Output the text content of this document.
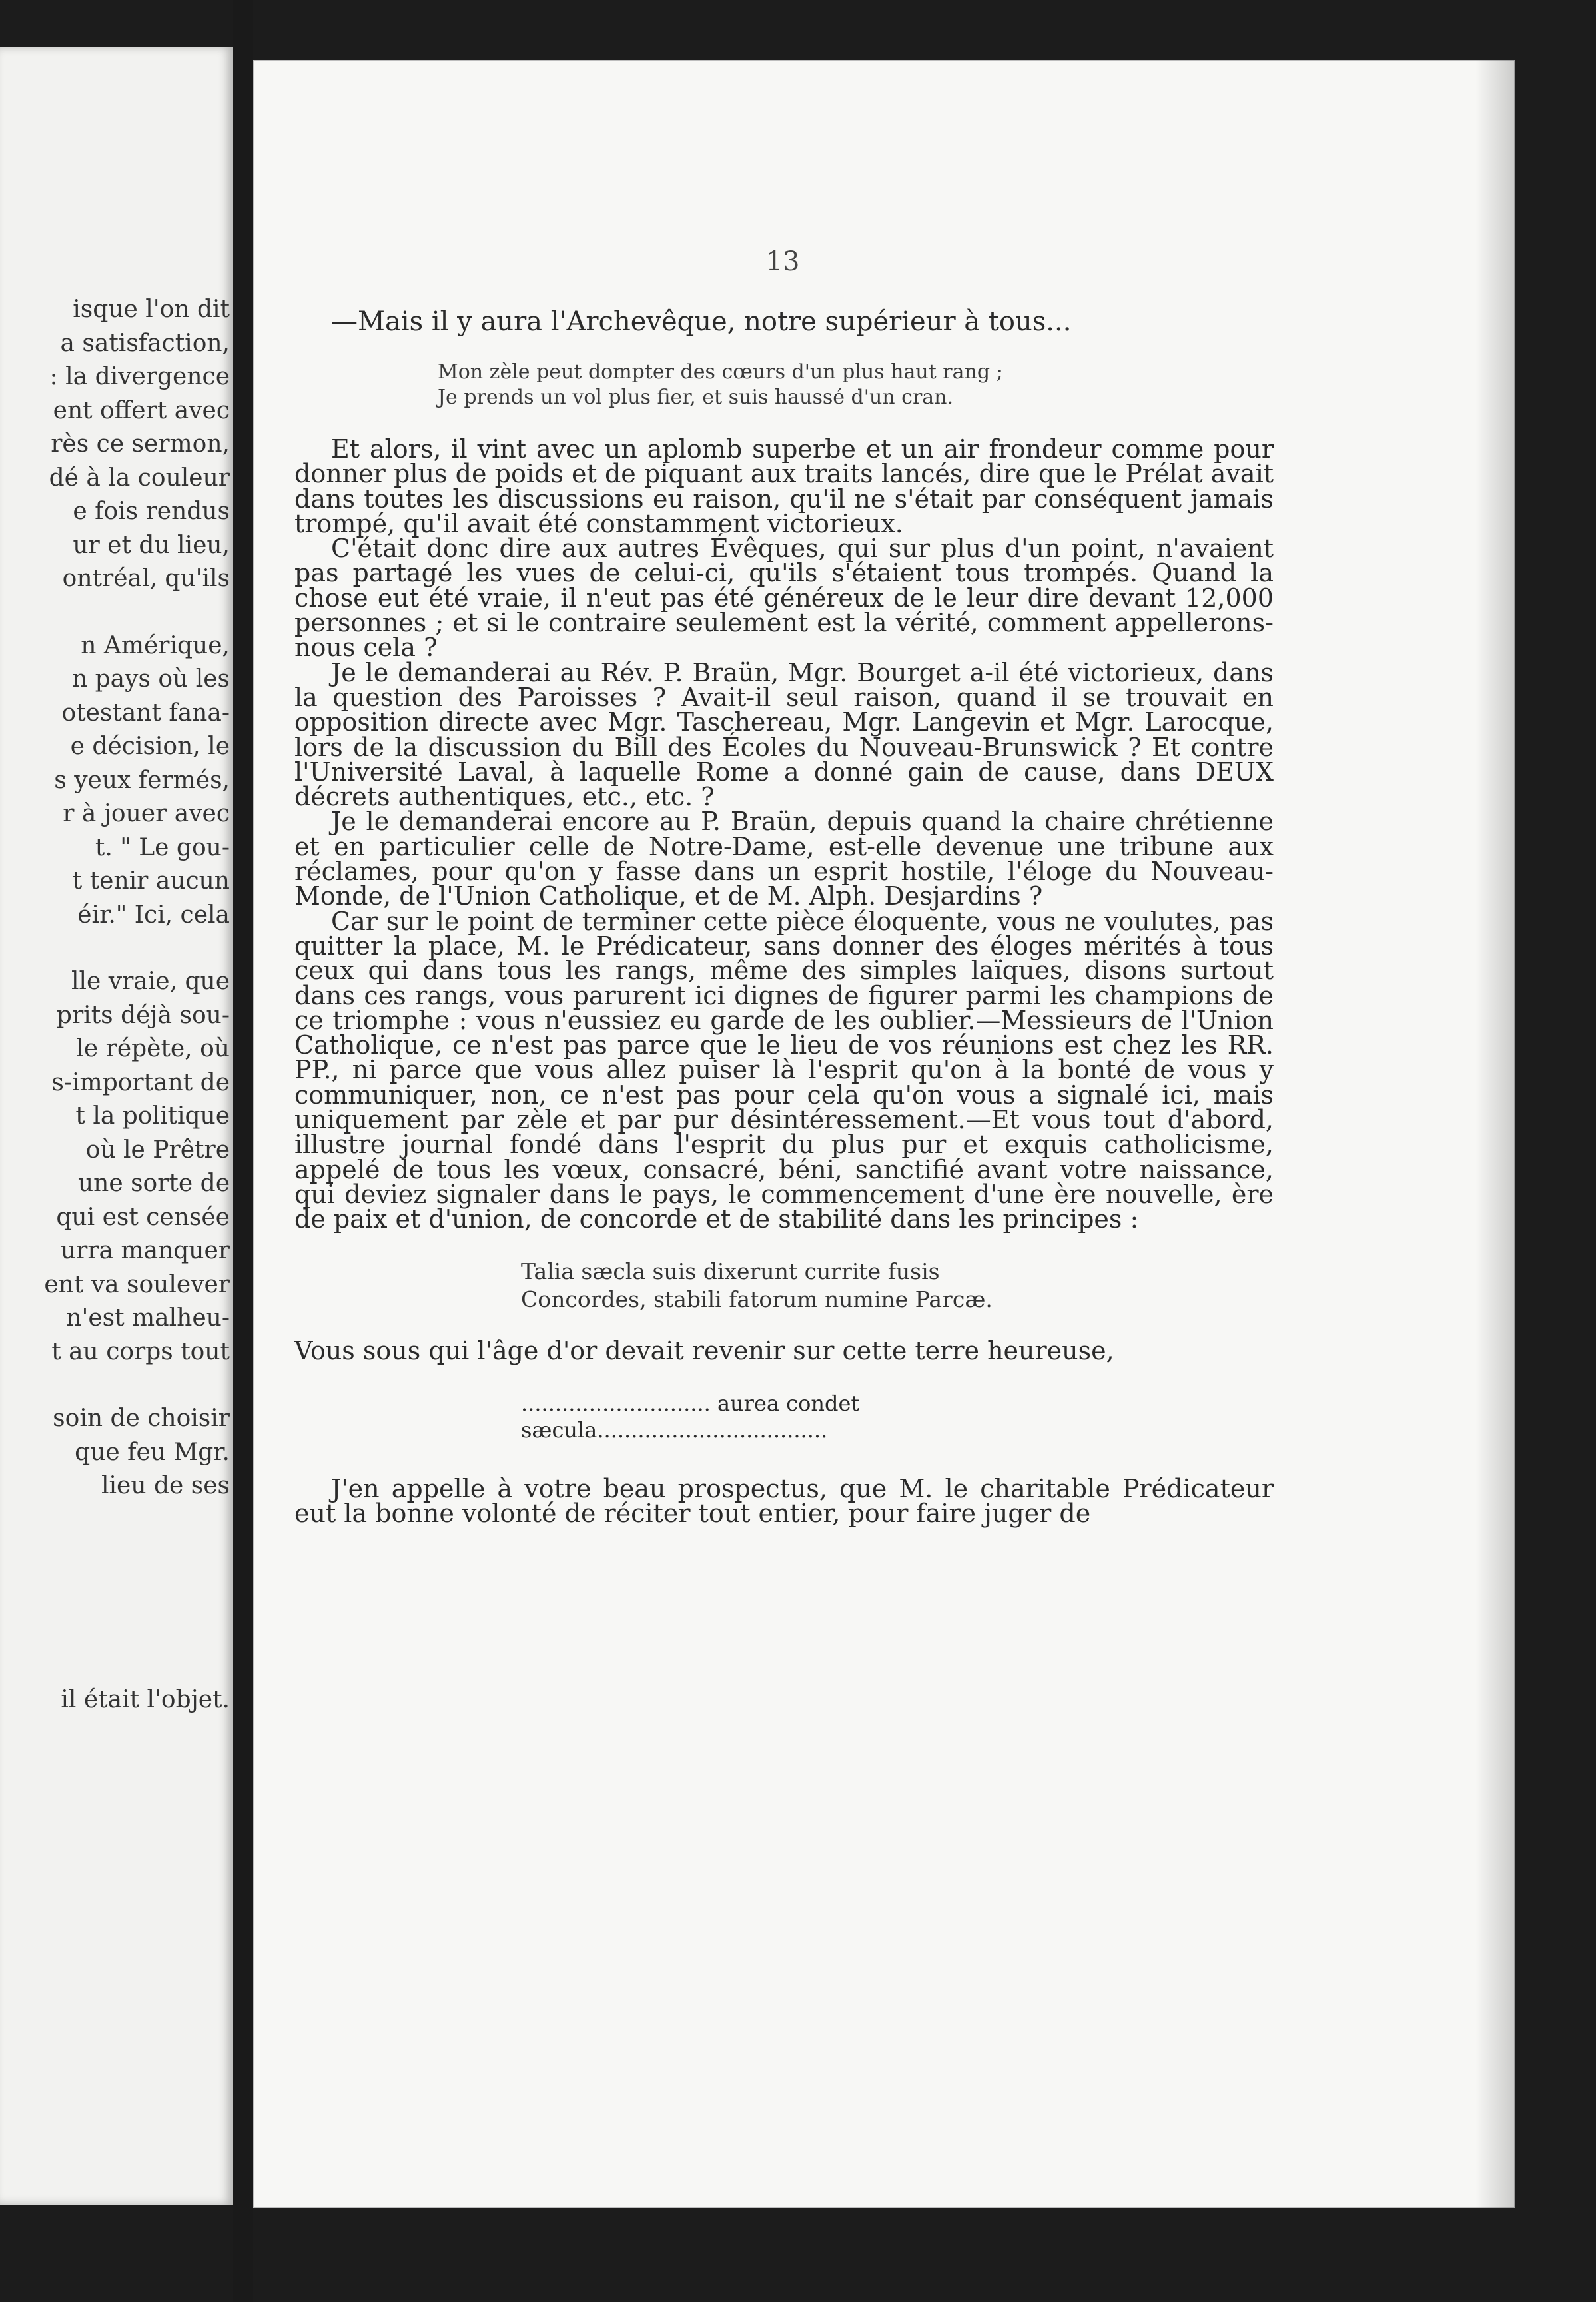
isque l'on dit
a satisfaction,
: la divergence
ent offert avec
rès ce sermon,
dé à la couleur
e fois rendus
ur et du lieu,
ontréal, qu'ils
n Amérique,
n pays où les
otestant fana-
e décision, le
s yeux fermés,
r à jouer avec
t. " Le gou-
t tenir aucun
éir." Ici, cela
lle vraie, que
prits déjà sou-
le répète, où
s-important de
t la politique
où le Prêtre
une sorte de
qui est censée
urra manquer
ent va soulever
n'est malheu-
t au corps tout
soin de choisir
que feu Mgr.
lieu de ses
il était l'objet.
13

—Mais il y aura l'Archevêque, notre supérieur à tous...

Mon zèle peut dompter des cœurs d'un plus haut rang ;

Je prends un vol plus fier, et suis haussé d'un cran.

Et alors, il vint avec un aplomb superbe et un air frondeur comme pour donner plus de poids et de piquant aux traits lancés, dire que le Prélat avait dans toutes les discussions eu raison, qu'il ne s'était par conséquent jamais trompé, qu'il avait été constamment victorieux.

C'était donc dire aux autres Évêques, qui sur plus d'un point, n'avaient pas partagé les vues de celui-ci, qu'ils s'étaient tous trompés. Quand la chose eut été vraie, il n'eut pas été généreux de le leur dire devant 12,000 personnes ; et si le contraire seulement est la vérité, comment appellerons-nous cela ?

Je le demanderai au Rév. P. Braün, Mgr. Bourget a-il été victorieux, dans la question des Paroisses ? Avait-il seul raison, quand il se trouvait en opposition directe avec Mgr. Taschereau, Mgr. Langevin et Mgr. Larocque, lors de la discussion du Bill des Écoles du Nouveau-Brunswick ? Et contre l'Université Laval, à laquelle Rome a donné gain de cause, dans DEUX décrets authentiques, etc., etc. ?

Je le demanderai encore au P. Braün, depuis quand la chaire chrétienne et en particulier celle de Notre-Dame, est-elle devenue une tribune aux réclames, pour qu'on y fasse dans un esprit hostile, l'éloge du Nouveau-Monde, de l'Union Catholique, et de M. Alph. Desjardins ?

Car sur le point de terminer cette pièce éloquente, vous ne voulutes, pas quitter la place, M. le Prédicateur, sans donner des éloges mérités à tous ceux qui dans tous les rangs, même des simples laïques, disons surtout dans ces rangs, vous parurent ici dignes de figurer parmi les champions de ce triomphe : vous n'eussiez eu garde de les oublier.—Messieurs de l'Union Catholique, ce n'est pas parce que le lieu de vos réunions est chez les RR. PP., ni parce que vous allez puiser là l'esprit qu'on à la bonté de vous y communiquer, non, ce n'est pas pour cela qu'on vous a signalé ici, mais uniquement par zèle et par pur désintéressement.—Et vous tout d'abord, illustre journal fondé dans l'esprit du plus pur et exquis catholicisme, appelé de tous les vœux, consacré, béni, sanctifié avant votre naissance, qui deviez signaler dans le pays, le commencement d'une ère nouvelle, ère de paix et d'union, de concorde et de stabilité dans les principes :

Talia sæcla suis dixerunt currite fusis
Concordes, stabili fatorum numine Parcæ.

Vous sous qui l'âge d'or devait revenir sur cette terre heureuse,

............................ aurea condet

sæcula..................................

J'en appelle à votre beau prospectus, que M. le charitable Prédicateur eut la bonne volonté de réciter tout entier, pour faire juger de
